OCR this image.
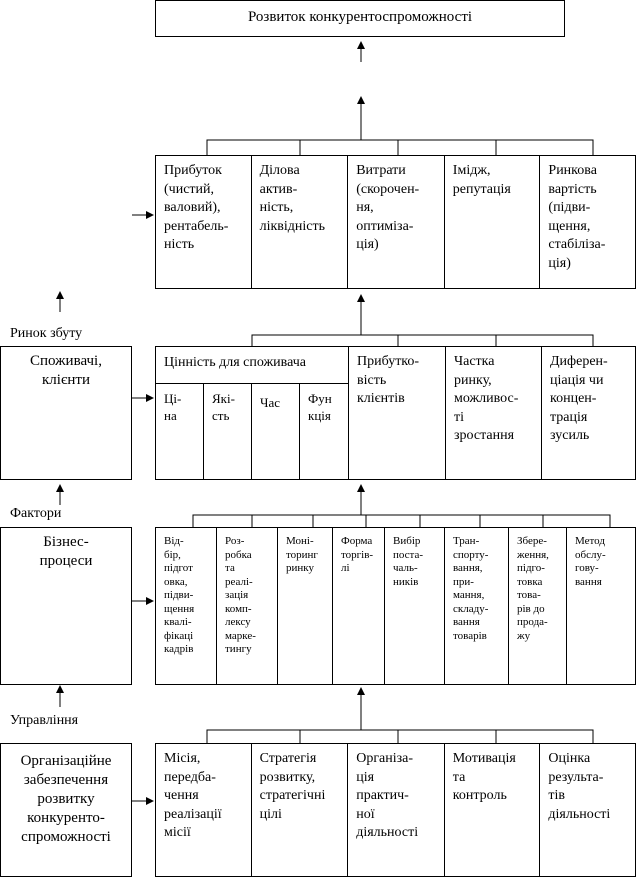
Розвиток конкурентоспроможності
Прибуток
(чистий,
валовий),
рентабель-
ність
Ділова
актив-
ність,
ліквідність
Витрати
(скорочен-
ня,
оптиміза-
ція)
Імідж,
репутація
Ринкова
вартість
(підви-
щення,
стабілізa-
ція)
Ринок збуту
Споживачі,
клієнти
Цінність для споживача
Ці-
на
Які-
сть
Час	Фун
кція
Прибутко-
вість
клієнтів
Частка
ринку,
можливос-
ті
зростання
Диферен-
ціація чи
концен-
трація
зусиль
Фактори
Бізнес-
процеси
Від-
бір,
підгот
овка,
підви-
щення
квалі-
фікаці
кадрів
Роз-
робка
та
реалі-
зація
комп-
лексу
марке-
тингу
Моні-
торинг
ринку
Форма
торгів-
лі
Вибір
поста-
чаль-
ників
Тран-
спорту-
вання,
при-
мання,
складу-
вання
товарів
Збере-
ження,
підго-
товка
това-
рів до
прода-
жу
Метод
обслу-
гову-
вання
Управління
Організаційне
забезпечення
розвитку
конкуренто-
спроможності
Місія,
передба-
чення
реалізації
місії
Стратегія
розвитку,
стратегічні
цілі
Організа-
ція
практич-
ної
діяльності
Мотивація
та
контроль
Оцінка
результа-
тів
діяльності
